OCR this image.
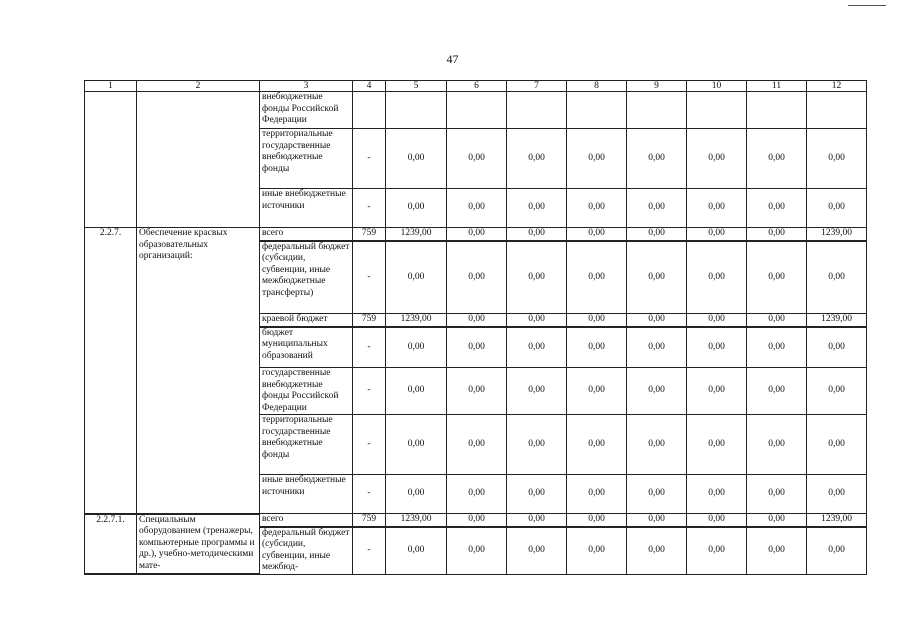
47
1	2	3	4	5	6	7	8	9	10	11	12
		внебюджетные фонды Российской Федерации									
		территориальные государственные внебюджетные фонды	-	0,00	0,00	0,00	0,00	0,00	0,00	0,00	0,00
		иные внебюджетные источники	-	0,00	0,00	0,00	0,00	0,00	0,00	0,00	0,00
2.2.7.	Обеспечение красвых образовательных организаций:	всего	759	1239,00	0,00	0,00	0,00	0,00	0,00	0,00	1239,00
		федеральный бюджет (субсидии, субвенции, иные межбюджетные трансферты)	-	0,00	0,00	0,00	0,00	0,00	0,00	0,00	0,00
		краевой бюджет	759	1239,00	0,00	0,00	0,00	0,00	0,00	0,00	1239,00
		бюджет муниципальных образований	-	0,00	0,00	0,00	0,00	0,00	0,00	0,00	0,00
		государственные внебюджетные фонды Российской Федерации	-	0,00	0,00	0,00	0,00	0,00	0,00	0,00	0,00
		территориальные государственные внебюджетные фонды	-	0,00	0,00	0,00	0,00	0,00	0,00	0,00	0,00
		иные внебюджетные источники	-	0,00	0,00	0,00	0,00	0,00	0,00	0,00	0,00
2.2.7.1.	Специальным оборудованием (тренажеры, компьютерные программы и др.), учебно-методическими мате-	всего	759	1239,00	0,00	0,00	0,00	0,00	0,00	0,00	1239,00
		федеральный бюджет (субсидии, субвенции, иные межбюд-	-	0,00	0,00	0,00	0,00	0,00	0,00	0,00	0,00
